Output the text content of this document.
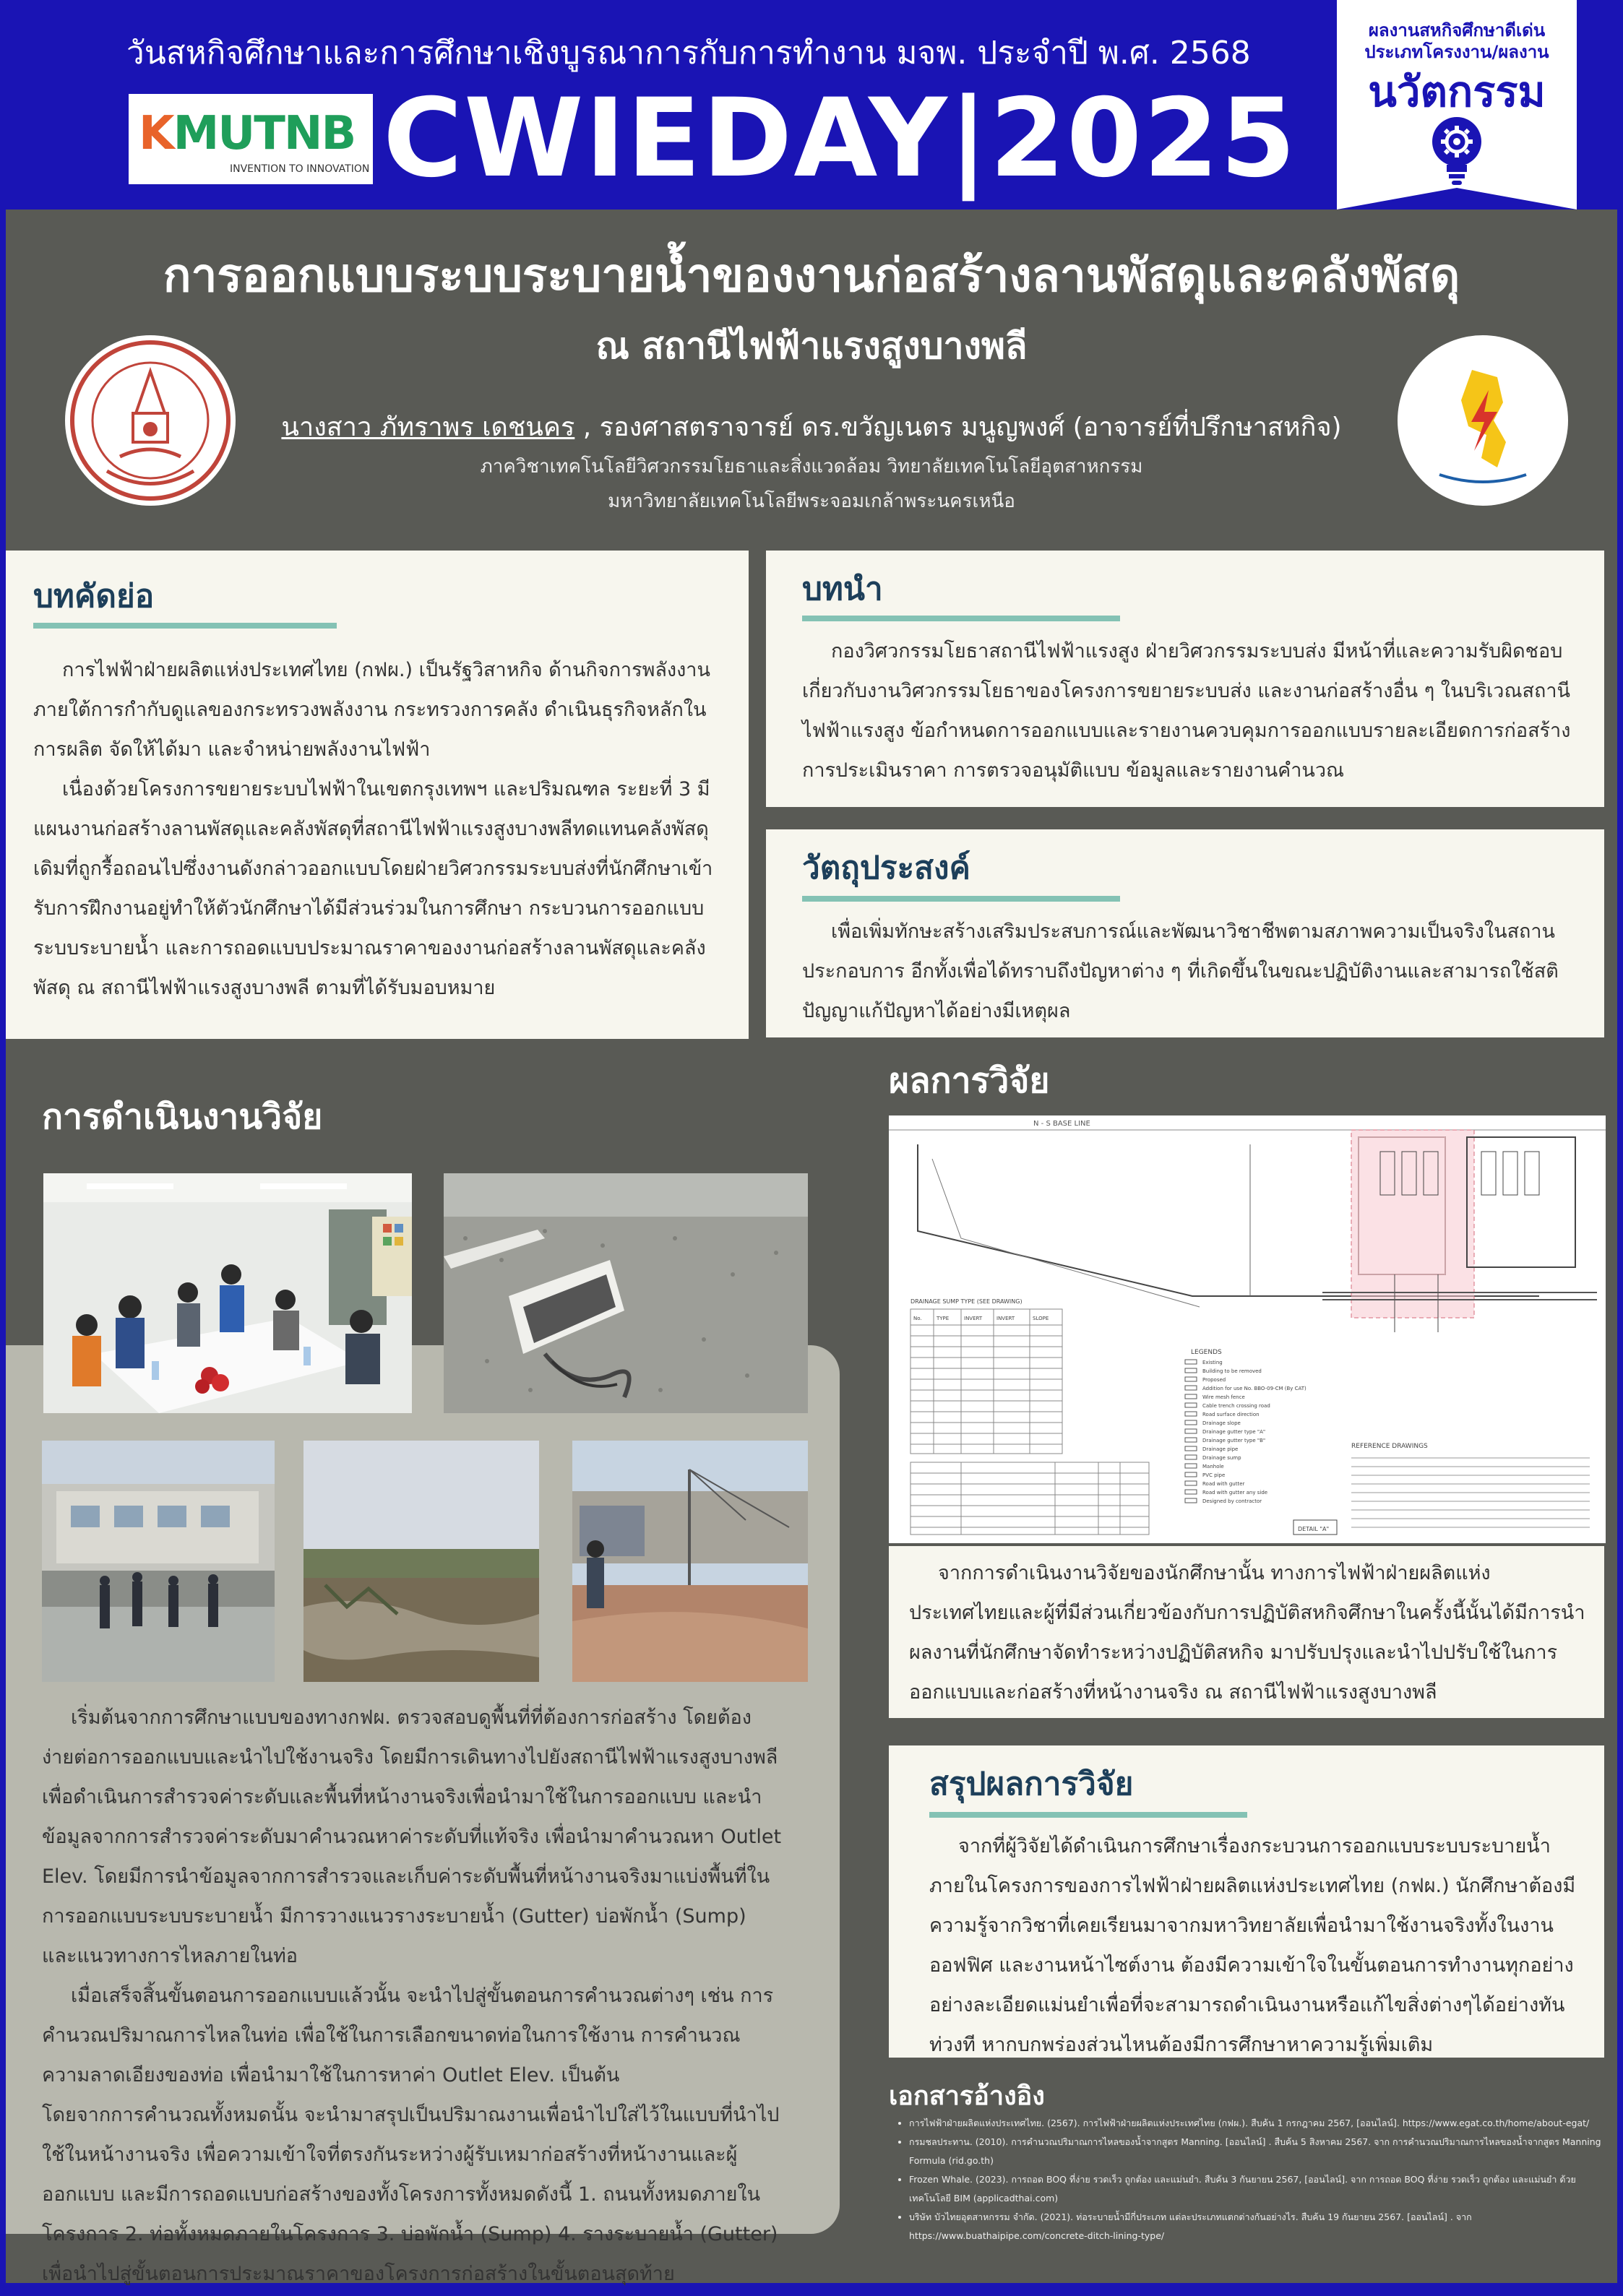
วันสหกิจศึกษาและการศึกษาเชิงบูรณาการกับการทำงาน มจพ. ประจำปี พ.ศ. 2568
KMUTNB
INVENTION TO INNOVATION CWIEDAY|2025
ผลงานสหกิจศึกษาดีเด่น
ประเภทโครงงาน/ผลงาน
นวัตกรรม
การออกแบบระบบระบายน้ำของงานก่อสร้างลานพัสดุและคลังพัสดุ
ณ สถานีไฟฟ้าแรงสูงบางพลี
นางสาว ภัทราพร เดชนคร , รองศาสตราจารย์ ดร.ขวัญเนตร มนูญพงศ์ (อาจารย์ที่ปรึกษาสหกิจ)
ภาควิชาเทคโนโลยีวิศวกรรมโยธาและสิ่งแวดล้อม วิทยาลัยเทคโนโลยีอุตสาหกรรม
มหาวิทยาลัยเทคโนโลยีพระจอมเกล้าพระนครเหนือ
บทคัดย่อ

การไฟฟ้าฝ่ายผลิตแห่งประเทศไทย (กฟผ.) เป็นรัฐวิสาหกิจ ด้านกิจการพลังงาน ภายใต้การกำกับดูแลของกระทรวงพลังงาน กระทรวงการคลัง ดำเนินธุรกิจหลักในการผลิต จัดให้ได้มา และจำหน่ายพลังงานไฟฟ้า

เนื่องด้วยโครงการขยายระบบไฟฟ้าในเขตกรุงเทพฯ และปริมณฑล ระยะที่ 3 มีแผนงานก่อสร้างลานพัสดุและคลังพัสดุที่สถานีไฟฟ้าแรงสูงบางพลีทดแทนคลังพัสดุเดิมที่ถูกรื้อถอนไปซึ่งงานดังกล่าวออกแบบโดยฝ่ายวิศวกรรมระบบส่งที่นักศึกษาเข้ารับการฝึกงานอยู่ทำให้ตัวนักศึกษาได้มีส่วนร่วมในการศึกษา กระบวนการออกแบบระบบระบายน้ำ และการถอดแบบประมาณราคาของงานก่อสร้างลานพัสดุและคลังพัสดุ ณ สถานีไฟฟ้าแรงสูงบางพลี ตามที่ได้รับมอบหมาย

บทนำ

กองวิศวกรรมโยธาสถานีไฟฟ้าแรงสูง ฝ่ายวิศวกรรมระบบส่ง มีหน้าที่และความรับผิดชอบเกี่ยวกับงานวิศวกรรมโยธาของโครงการขยายระบบส่ง และงานก่อสร้างอื่น ๆ ในบริเวณสถานีไฟฟ้าแรงสูง ข้อกำหนดการออกแบบและรายงานควบคุมการออกแบบรายละเอียดการก่อสร้างการประเมินราคา การตรวจอนุมัติแบบ ข้อมูลและรายงานคำนวณ

วัตถุประสงค์

เพื่อเพิ่มทักษะสร้างเสริมประสบการณ์และพัฒนาวิชาชีพตามสภาพความเป็นจริงในสถานประกอบการ อีกทั้งเพื่อได้ทราบถึงปัญหาต่าง ๆ ที่เกิดขึ้นในขณะปฏิบัติงานและสามารถใช้สติปัญญาแก้ปัญหาได้อย่างมีเหตุผล

การดำเนินงานวิจัย

เริ่มต้นจากการศึกษาแบบของทางกฟผ. ตรวจสอบดูพื้นที่ที่ต้องการก่อสร้าง โดยต้องง่ายต่อการออกแบบและนำไปใช้งานจริง โดยมีการเดินทางไปยังสถานีไฟฟ้าแรงสูงบางพลี เพื่อดำเนินการสำรวจค่าระดับและพื้นที่หน้างานจริงเพื่อนำมาใช้ในการออกแบบ และนำข้อมูลจากการสำรวจค่าระดับมาคำนวณหาค่าระดับที่แท้จริง เพื่อนำมาคำนวณหา Outlet Elev. โดยมีการนำข้อมูลจากการสำรวจและเก็บค่าระดับพื้นที่หน้างานจริงมาแบ่งพื้นที่ในการออกแบบระบบระบายน้ำ มีการวางแนวรางระบายน้ำ (Gutter) บ่อพักน้ำ (Sump) และแนวทางการไหลภายในท่อ

เมื่อเสร็จสิ้นขั้นตอนการออกแบบแล้วนั้น จะนำไปสู่ขั้นตอนการคำนวณต่างๆ เช่น การคำนวณปริมาณการไหลในท่อ เพื่อใช้ในการเลือกขนาดท่อในการใช้งาน การคำนวณความลาดเอียงของท่อ เพื่อนำมาใช้ในการหาค่า Outlet Elev. เป็นต้น

โดยจากการคำนวณทั้งหมดนั้น จะนำมาสรุปเป็นปริมาณงานเพื่อนำไปใส่ไว้ในแบบที่นำไปใช้ในหน้างานจริง เพื่อความเข้าใจที่ตรงกันระหว่างผู้รับเหมาก่อสร้างที่หน้างานและผู้ออกแบบ และมีการถอดแบบก่อสร้างของทั้งโครงการทั้งหมดดังนี้ 1. ถนนทั้งหมดภายในโครงการ 2. ท่อทั้งหมดภายในโครงการ 3. บ่อพักน้ำ (Sump) 4. รางระบายน้ำ (Gutter) เพื่อนำไปสู่ขั้นตอนการประมาณราคาของโครงการก่อสร้างในขั้นตอนสุดท้าย

ผลการวิจัย
N - S BASE LINE
DRAINAGE SUMP TYPE (SEE DRAWING)
No.	TYPE	INVERT	INVERT	SLOPE
LEGENDS
Existing
Building to be removed
Proposed
Addition for use No. BBO-09-CM (By CAT)
Wire mesh fence
Cable trench crossing road
Road surface direction
Drainage slope
Drainage gutter type "A"
Drainage gutter type "B"
Drainage pipe
Drainage sump
Manhole
PVC pipe
Road with gutter
Road with gutter any side
Designed by contractor
REFERENCE DRAWINGS
DETAIL "A"

จากการดำเนินงานวิจัยของนักศึกษานั้น ทางการไฟฟ้าฝ่ายผลิตแห่งประเทศไทยและผู้ที่มีส่วนเกี่ยวข้องกับการปฏิบัติสหกิจศึกษาในครั้งนี้นั้นได้มีการนำผลงานที่นักศึกษาจัดทำระหว่างปฏิบัติสหกิจ มาปรับปรุงและนำไปปรับใช้ในการออกแบบและก่อสร้างที่หน้างานจริง ณ สถานีไฟฟ้าแรงสูงบางพลี

สรุปผลการวิจัย

จากที่ผู้วิจัยได้ดำเนินการศึกษาเรื่องกระบวนการออกแบบระบบระบายน้ำ ภายในโครงการของการไฟฟ้าฝ่ายผลิตแห่งประเทศไทย (กฟผ.) นักศึกษาต้องมีความรู้จากวิชาที่เคยเรียนมาจากมหาวิทยาลัยเพื่อนำมาใช้งานจริงทั้งในงานออฟฟิศ และงานหน้าไซต์งาน ต้องมีความเข้าใจในขั้นตอนการทำงานทุกอย่าง อย่างละเอียดแม่นยำเพื่อที่จะสามารถดำเนินงานหรือแก้ไขสิ่งต่างๆได้อย่างทันท่วงที หากบกพร่องส่วนไหนต้องมีการศึกษาหาความรู้เพิ่มเติม

เอกสารอ้างอิง
• การไฟฟ้าฝ่ายผลิตแห่งประเทศไทย. (2567). การไฟฟ้าฝ่ายผลิตแห่งประเทศไทย (กฟผ.). สืบค้น 1 กรกฎาคม 2567, [ออนไลน์]. https://www.egat.co.th/home/about-egat/
• กรมชลประทาน. (2010). การคำนวณปริมาณการไหลของน้ำจากสูตร Manning. [ออนไลน์] . สืบค้น 5 สิงหาคม 2567. จาก การคำนวณปริมาณการไหลของน้ำจากสูตร Manning Formula (rid.go.th)
• Frozen Whale. (2023). การถอด BOQ ที่ง่าย รวดเร็ว ถูกต้อง และแม่นยำ. สืบค้น 3 กันยายน 2567, [ออนไลน์]. จาก การถอด BOQ ที่ง่าย รวดเร็ว ถูกต้อง และแม่นยำ ด้วยเทคโนโลยี BIM (applicadthai.com)
• บริษัท บัวไทยอุตสาหกรรม จำกัด. (2021). ท่อระบายน้ำมีกี่ประเภท แต่ละประเภทแตกต่างกันอย่างไร. สืบค้น 19 กันยายน 2567. [ออนไลน์] . จาก https://www.buathaipipe.com/concrete-ditch-lining-type/
